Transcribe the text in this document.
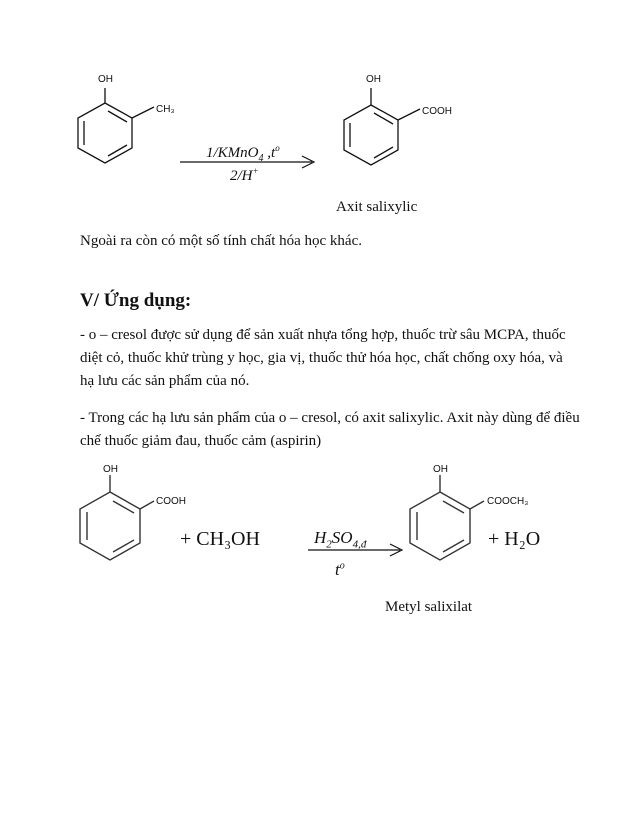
OH
CH₃
1/KMnO$_4$ $,t^o$
2/H+
OH
COOH
Axit salixylic

Ngoài ra còn có một số tính chất hóa học khác.

V/ Ứng dụng:

- o – cresol được sử dụng để sản xuất nhựa tổng hợp, thuốc trừ sâu MCPA, thuốc diệt cỏ, thuốc khử trùng y học, gia vị, thuốc thử hóa học, chất chống oxy hóa, và hạ lưu các sản phẩm của nó.

- Trong các hạ lưu sản phẩm của o – cresol, có axit salixylic. Axit này dùng để điều chế thuốc giảm đau, thuốc cảm (aspirin)

OH
COOH
+ CH₃OH	$H_2SO_{4,đ}$
$t^o$
OH
COOCH₃
+ H₂O
Metyl salixilat
